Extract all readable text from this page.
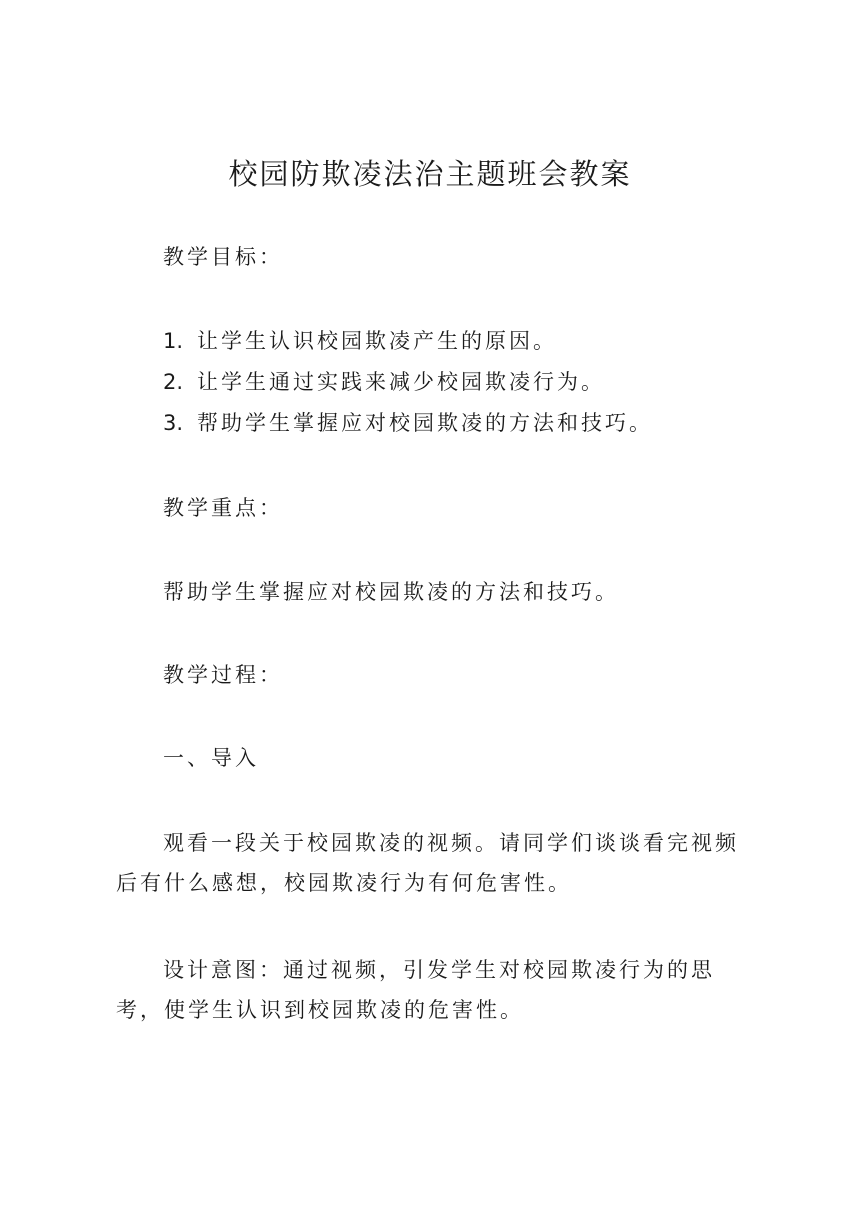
校园防欺凌法治主题班会教案
教学目标：
1. 让学生认识校园欺凌产生的原因。
2. 让学生通过实践来减少校园欺凌行为。
3. 帮助学生掌握应对校园欺凌的方法和技巧。
教学重点：
帮助学生掌握应对校园欺凌的方法和技巧。
教学过程：
一、导入

观看一段关于校园欺凌的视频。请同学们谈谈看完视频后有什么感想，校园欺凌行为有何危害性。

设计意图：通过视频，引发学生对校园欺凌行为的思考，使学生认识到校园欺凌的危害性。
